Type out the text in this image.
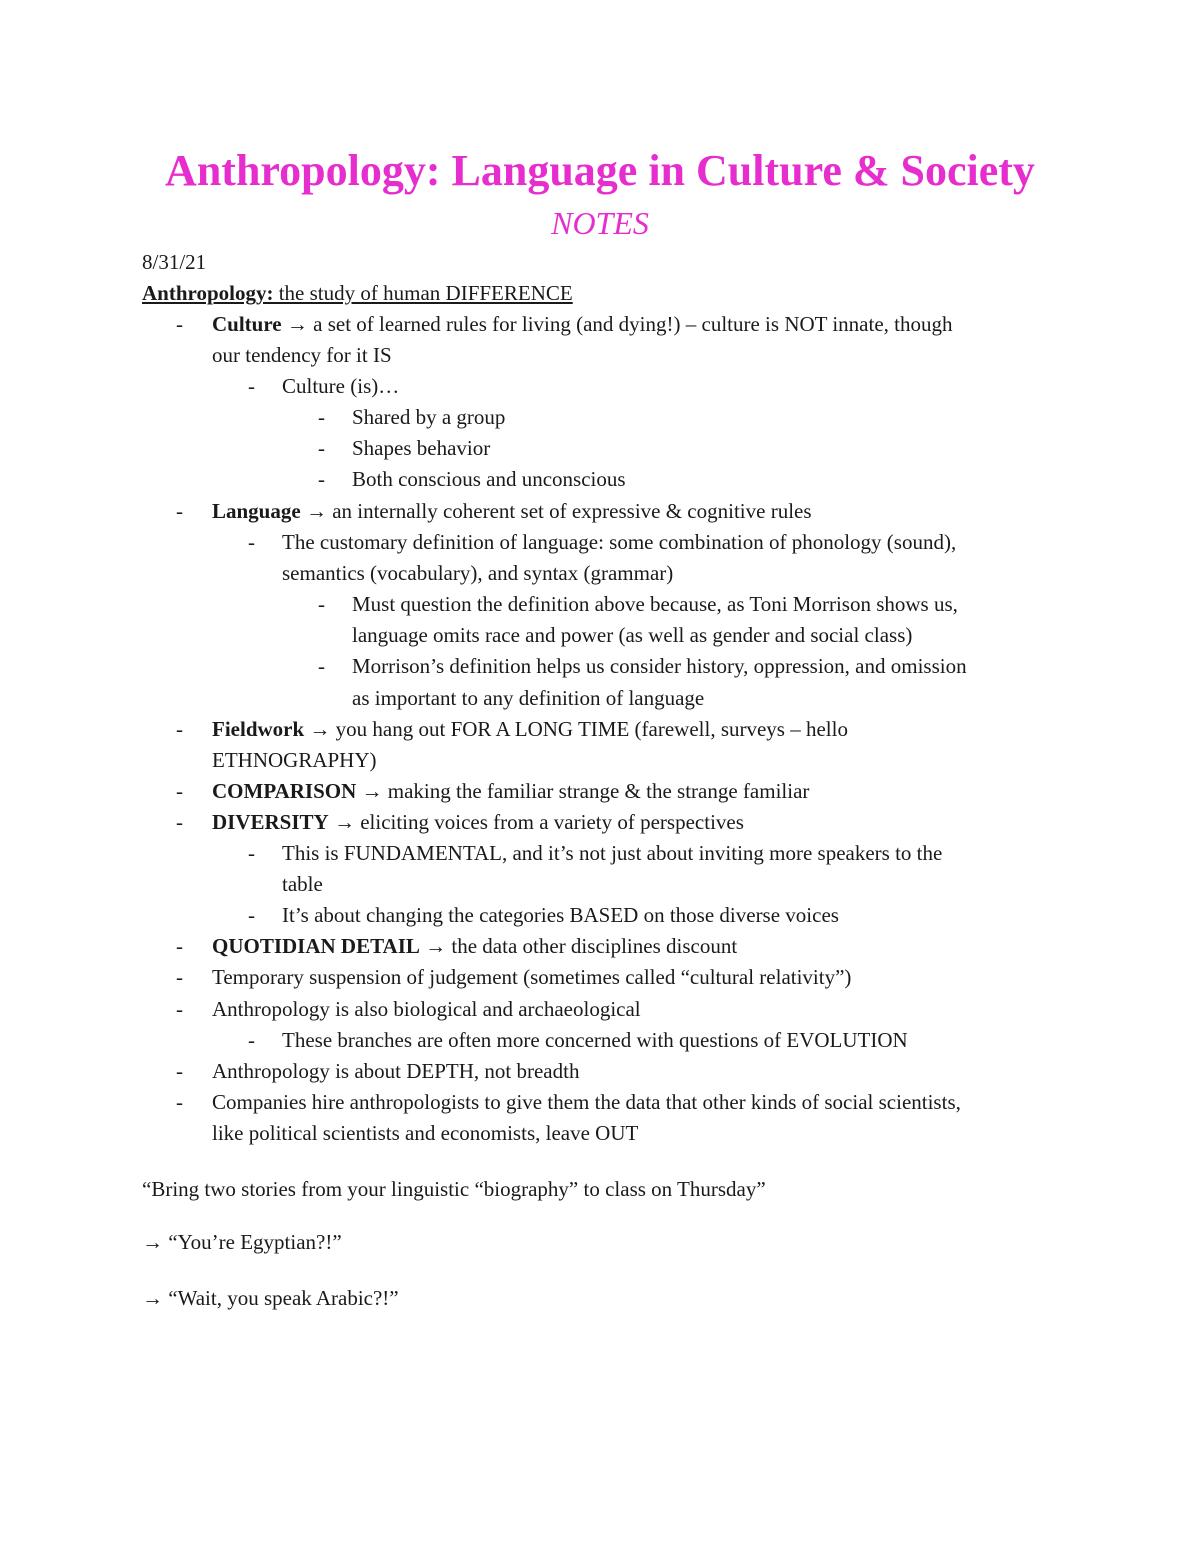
Anthropology: Language in Culture & Society
NOTES
8/31/21
Anthropology: the study of human DIFFERENCE
- Culture → a set of learned rules for living (and dying!) – culture is NOT innate, though
our tendency for it IS
- Culture (is)…
- Shared by a group
- Shapes behavior
- Both conscious and unconscious
- Language → an internally coherent set of expressive & cognitive rules
- The customary definition of language: some combination of phonology (sound),
semantics (vocabulary), and syntax (grammar)
- Must question the definition above because, as Toni Morrison shows us,
language omits race and power (as well as gender and social class)
- Morrison’s definition helps us consider history, oppression, and omission
as important to any definition of language
- Fieldwork → you hang out FOR A LONG TIME (farewell, surveys – hello
ETHNOGRAPHY)
- COMPARISON → making the familiar strange & the strange familiar
- DIVERSITY → eliciting voices from a variety of perspectives
- This is FUNDAMENTAL, and it’s not just about inviting more speakers to the
table
- It’s about changing the categories BASED on those diverse voices
- QUOTIDIAN DETAIL → the data other disciplines discount
- Temporary suspension of judgement (sometimes called “cultural relativity”)
- Anthropology is also biological and archaeological
- These branches are often more concerned with questions of EVOLUTION
- Anthropology is about DEPTH, not breadth
- Companies hire anthropologists to give them the data that other kinds of social scientists,
like political scientists and economists, leave OUT
“Bring two stories from your linguistic “biography” to class on Thursday”
→ “You’re Egyptian?!”
→ “Wait, you speak Arabic?!”
